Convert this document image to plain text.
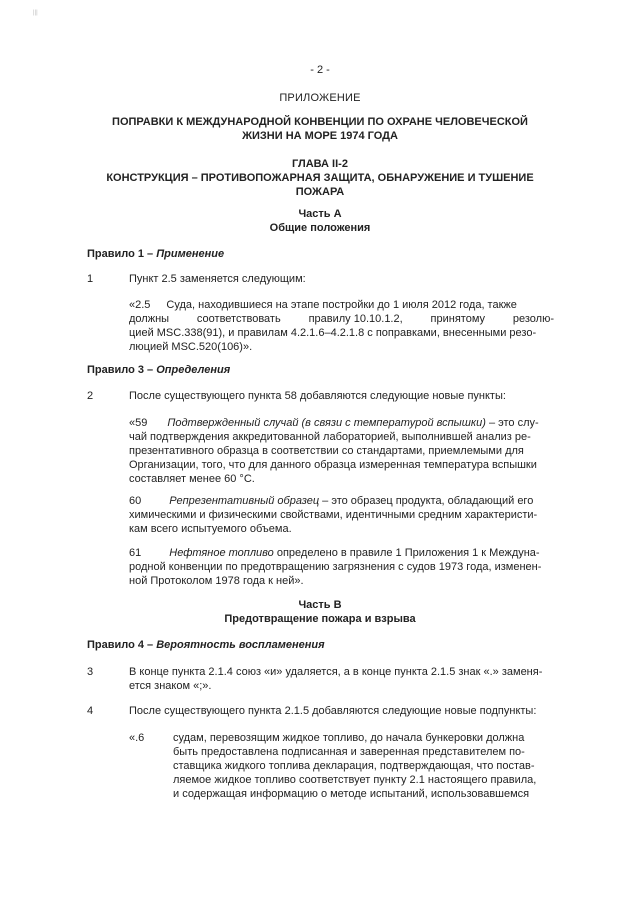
|||
- 2 -
ПРИЛОЖЕНИЕ
ПОПРАВКИ К МЕЖДУНАРОДНОЙ КОНВЕНЦИИ ПО ОХРАНЕ ЧЕЛОВЕЧЕСКОЙ
ЖИЗНИ НА МОРЕ 1974 ГОДА
ГЛАВА II-2
КОНСТРУКЦИЯ – ПРОТИВОПОЖАРНАЯ ЗАЩИТА, ОБНАРУЖЕНИЕ И ТУШЕНИЕ
ПОЖАРА
Часть А
Общие положения
Правило 1 – Применение
1	Пункт 2.5 заменяется следующим:
«2.5 Суда, находившиеся на этапе постройки до 1 июля 2012 года, также
должны	соответствовать	правилу 10.10.1.2,	принятому	резолю-
цией MSC.338(91), и правилам 4.2.1.6–4.2.1.8 с поправками, внесенными резо-
люцией MSC.520(106)».
Правило 3 – Определения
2	После существующего пункта 58 добавляются следующие новые пункты:
«59 Подтвержденный случай (в связи с температурой вспышки) – это слу-
чай подтверждения аккредитованной лабораторией, выполнившей анализ ре-
презентативного образца в соответствии со стандартами, приемлемыми для
Организации, того, что для данного образца измеренная температура вспышки
составляет менее 60 °С.
60	Репрезентативный образец – это образец продукта, обладающий его
химическими и физическими свойствами, идентичными средним характеристи-
кам всего испытуемого объема.
61	Нефтяное топливо определено в правиле 1 Приложения 1 к Междуна-
родной конвенции по предотвращению загрязнения с судов 1973 года, изменен-
ной Протоколом 1978 года к ней».
Часть В
Предотвращение пожара и взрыва
Правило 4 – Вероятность воспламенения
3	В конце пункта 2.1.4 союз «и» удаляется, а в конце пункта 2.1.5 знак «.» заменя-
ется знаком «;».
4	После существующего пункта 2.1.5 добавляются следующие новые подпункты:
«.6	судам, перевозящим жидкое топливо, до начала бункеровки должна
быть предоставлена подписанная и заверенная представителем по-
ставщика жидкого топлива декларация, подтверждающая, что постав-
ляемое жидкое топливо соответствует пункту 2.1 настоящего правила,
и содержащая информацию о методе испытаний, использовавшемся
